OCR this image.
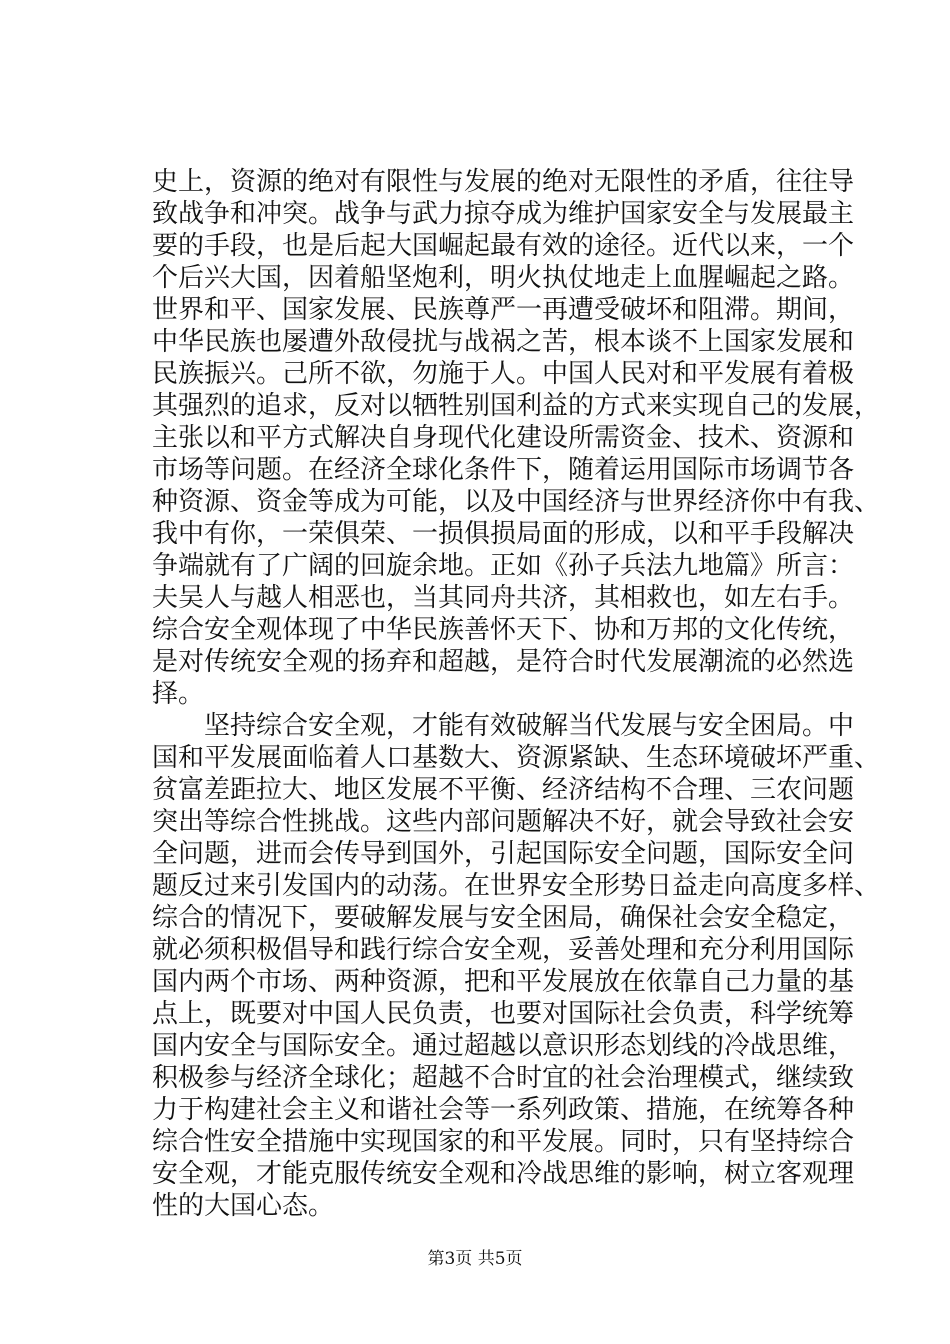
史上，资源的绝对有限性与发展的绝对无限性的矛盾，往往导
致战争和冲突。战争与武力掠夺成为维护国家安全与发展最主
要的手段，也是后起大国崛起最有效的途径。近代以来，一个
个后兴大国，因着船坚炮利，明火执仗地走上血腥崛起之路。
世界和平、国家发展、民族尊严一再遭受破坏和阻滞。期间，
中华民族也屡遭外敌侵扰与战祸之苦，根本谈不上国家发展和
民族振兴。己所不欲，勿施于人。中国人民对和平发展有着极
其强烈的追求，反对以牺牲别国利益的方式来实现自己的发展，
主张以和平方式解决自身现代化建设所需资金、技术、资源和
市场等问题。在经济全球化条件下，随着运用国际市场调节各
种资源、资金等成为可能，以及中国经济与世界经济你中有我、
我中有你，一荣俱荣、一损俱损局面的形成，以和平手段解决
争端就有了广阔的回旋余地。正如《孙子兵法九地篇》所言：
夫吴人与越人相恶也，当其同舟共济，其相救也，如左右手。
综合安全观体现了中华民族善怀天下、协和万邦的文化传统，
是对传统安全观的扬弃和超越，是符合时代发展潮流的必然选
择。
坚持综合安全观，才能有效破解当代发展与安全困局。中
国和平发展面临着人口基数大、资源紧缺、生态环境破坏严重、
贫富差距拉大、地区发展不平衡、经济结构不合理、三农问题
突出等综合性挑战。这些内部问题解决不好，就会导致社会安
全问题，进而会传导到国外，引起国际安全问题，国际安全问
题反过来引发国内的动荡。在世界安全形势日益走向高度多样、
综合的情况下，要破解发展与安全困局，确保社会安全稳定，
就必须积极倡导和践行综合安全观，妥善处理和充分利用国际
国内两个市场、两种资源，把和平发展放在依靠自己力量的基
点上，既要对中国人民负责，也要对国际社会负责，科学统筹
国内安全与国际安全。通过超越以意识形态划线的冷战思维，
积极参与经济全球化；超越不合时宜的社会治理模式，继续致
力于构建社会主义和谐社会等一系列政策、措施，在统筹各种
综合性安全措施中实现国家的和平发展。同时，只有坚持综合
安全观，才能克服传统安全观和冷战思维的影响，树立客观理
性的大国心态。
第3页 共5页
